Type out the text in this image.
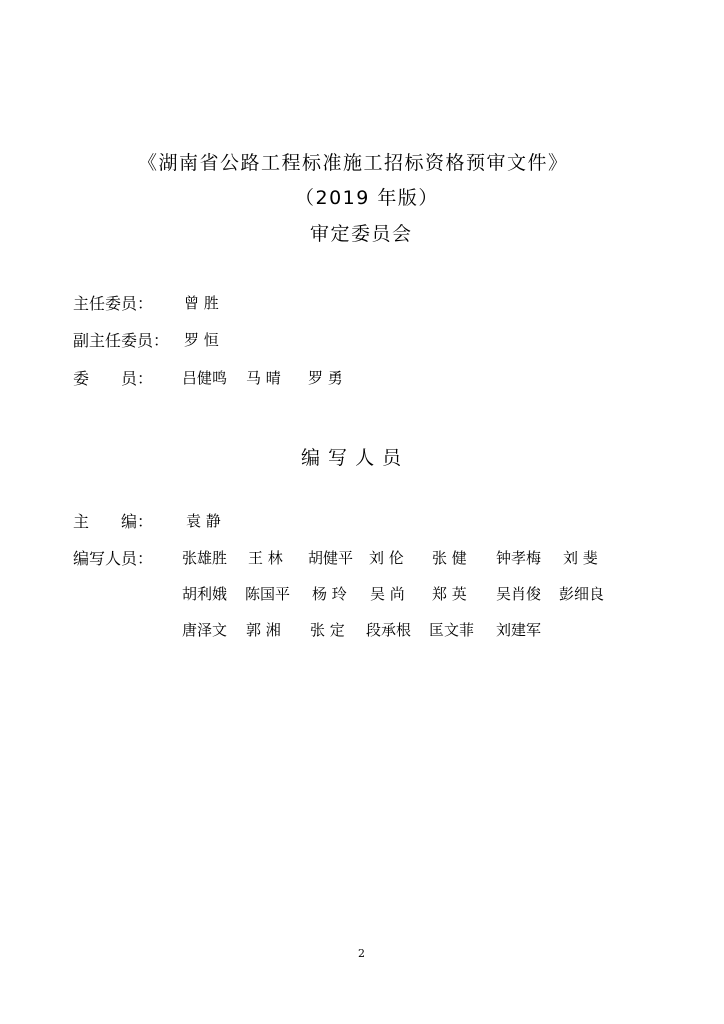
《湖南省公路工程标准施工招标资格预审文件》
（2019 年版）
审定委员会
主任委员： 曾 胜
副主任委员： 罗 恒
委　　员： 吕健鸣 马 晴 罗 勇
编 写 人 员
主　　编： 袁 静
编写人员： 张雄胜 王 林 胡健平 刘 伦 张 健 钟孝梅 刘 斐
胡利娥 陈国平 杨 玲 吴 尚 郑 英 吴肖俊 彭细良
唐泽文 郭 湘 张 定 段承根 匡文菲 刘建军
2
